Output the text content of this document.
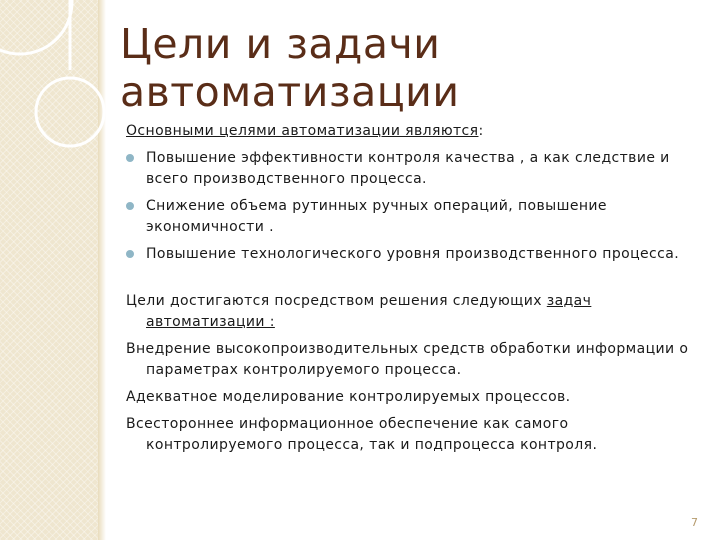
Цели и задачи автоматизации

Основными целями автоматизации являются:

Повышение эффективности контроля качества , а как следствие и всего производственного процесса.
Снижение объема рутинных ручных операций, повышение экономичности .
Повышение технологического уровня производственного процесса.

Цели достигаются посредством решения следующих задач автоматизации :

Внедрение высокопроизводительных средств обработки информации о параметрах контролируемого процесса.

Адекватное моделирование контролируемых процессов.

Всестороннее информационное обеспечение как самого контролируемого процесса, так и подпроцесса контроля.

7
